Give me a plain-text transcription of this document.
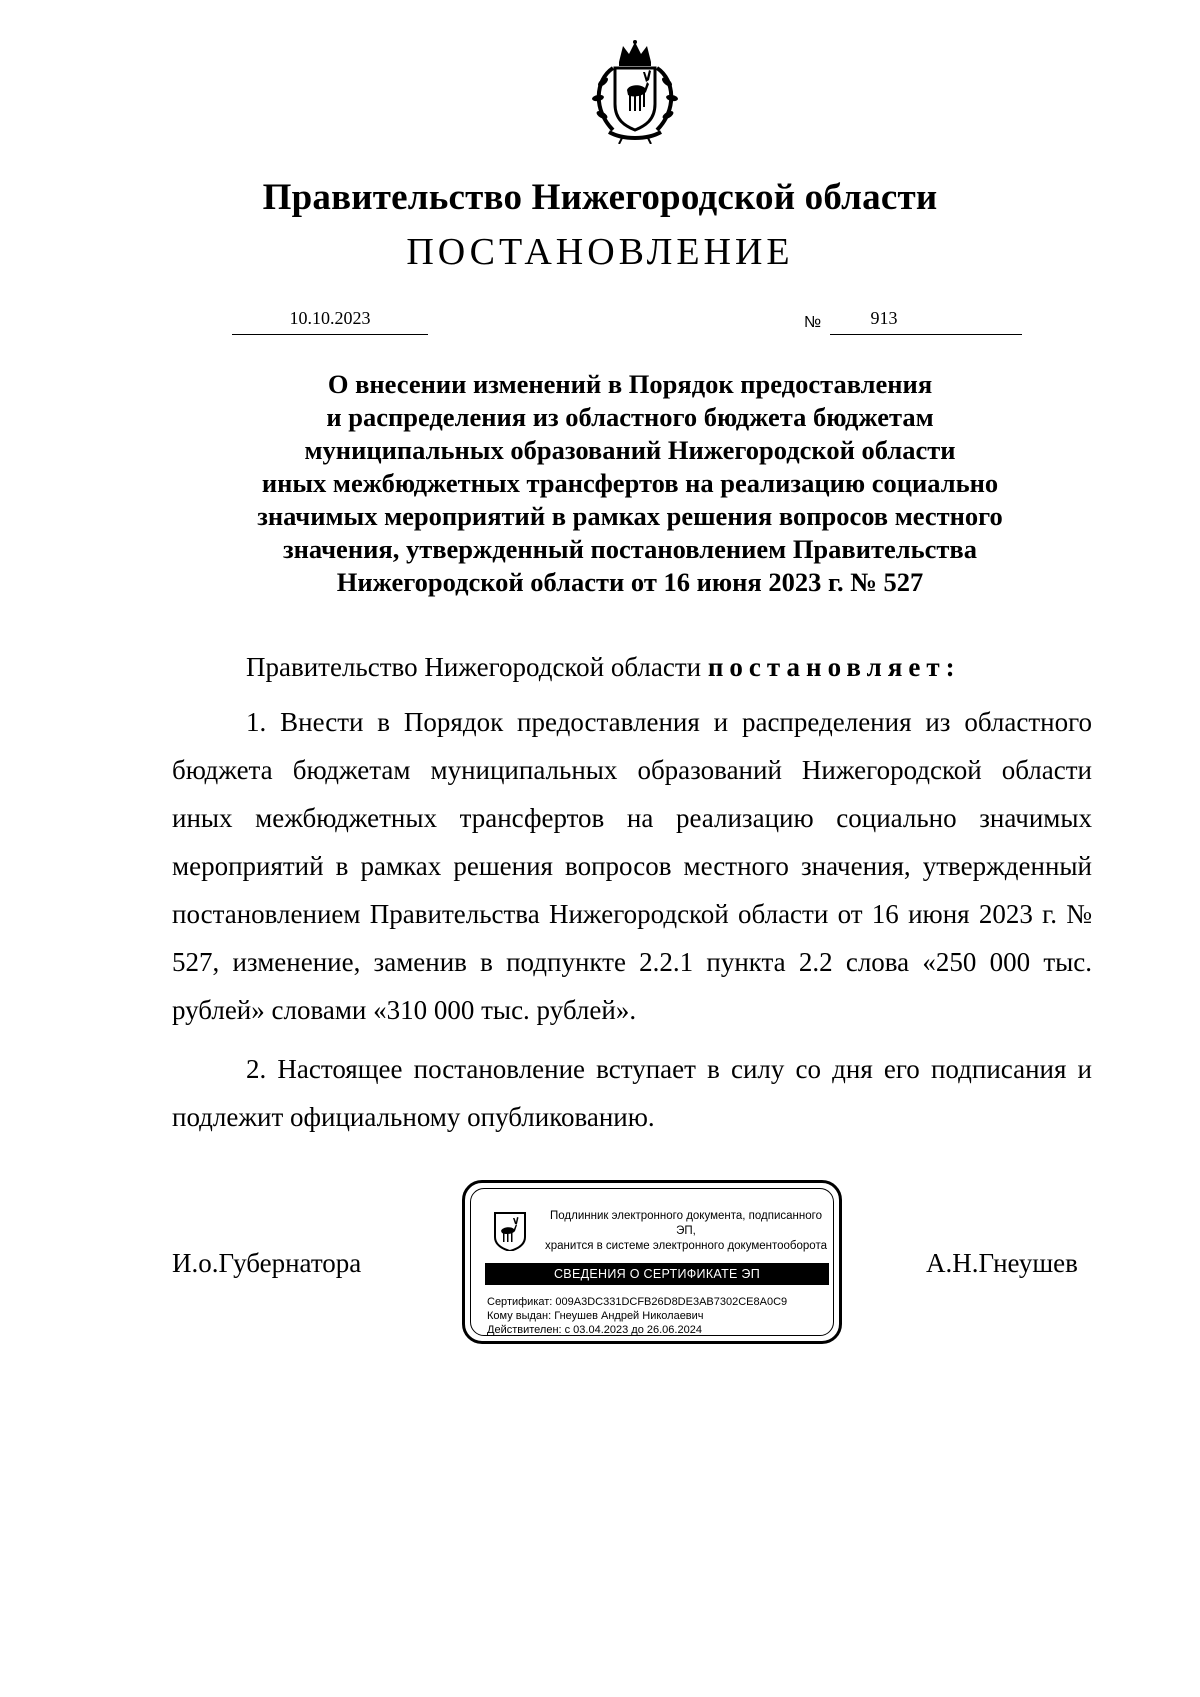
Правительство Нижегородской области
ПОСТАНОВЛЕНИЕ
10.10.2023	№	913
О внесении изменений в Порядок предоставления
и распределения из областного бюджета бюджетам
муниципальных образований Нижегородской области
иных межбюджетных трансфертов на реализацию социально
значимых мероприятий в рамках решения вопросов местного
значения, утвержденный постановлением Правительства
Нижегородской области от 16 июня 2023 г. № 527
Правительство Нижегородской области постановляет:
1. Внести в Порядок предоставления и распределения из областного бюджета бюджетам муниципальных образований Нижегородской области иных межбюджетных трансфертов на реализацию социально значимых мероприятий в рамках решения вопросов местного значения, утвержденный постановлением Правительства Нижегородской области от 16 июня 2023 г. № 527, изменение, заменив в подпункте 2.2.1 пункта 2.2 слова «250 000 тыс. рублей» словами «310 000 тыс. рублей».
2. Настоящее постановление вступает в силу со дня его подписания и подлежит официальному опубликованию.
И.о.Губернатора	А.Н.Гнеушев
Подлинник электронного документа, подписанного ЭП,
хранится в системе электронного документооборота
СВЕДЕНИЯ О СЕРТИФИКАТЕ ЭП
Сертификат: 009A3DC331DCFB26D8DE3AB7302CE8A0C9
Кому выдан: Гнеушев Андрей Николаевич
Действителен: с 03.04.2023 до 26.06.2024
